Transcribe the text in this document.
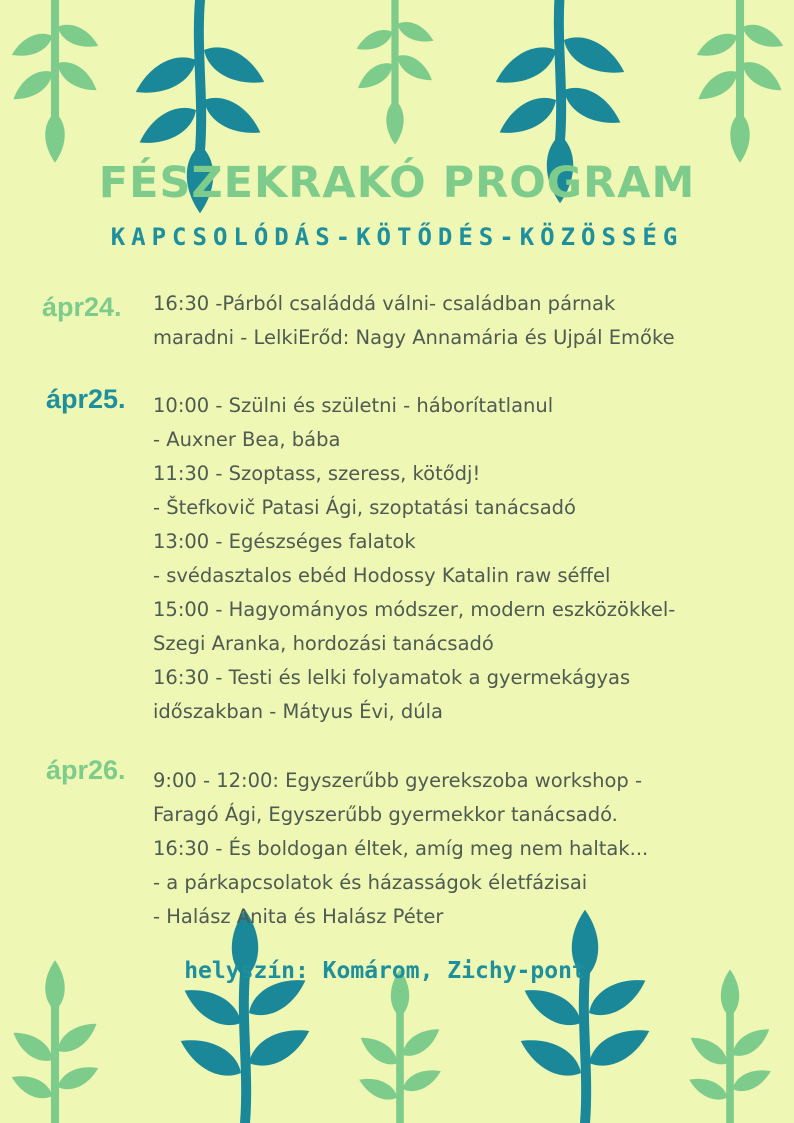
FÉSZEKRAKÓ PROGRAM
KAPCSOLÓDÁS-KÖTŐDÉS-KÖZÖSSÉG
ápr24. 16:30 -Párból családdá válni- családban párnak
maradni - LelkiErőd: Nagy Annamária és Ujpál Emőke
ápr25. 10:00 - Szülni és születni - háborítatlanul
- Auxner Bea, bába
11:30 - Szoptass, szeress, kötődj!
- Štefkovič Patasi Ági, szoptatási tanácsadó
13:00 - Egészséges falatok
- svédasztalos ebéd Hodossy Katalin raw séffel
15:00 - Hagyományos módszer, modern eszközökkel-
Szegi Aranka, hordozási tanácsadó
16:30 - Testi és lelki folyamatok a gyermekágyas
időszakban - Mátyus Évi, dúla
ápr26. 9:00 - 12:00: Egyszerűbb gyerekszoba workshop -
Faragó Ági, Egyszerűbb gyermekkor tanácsadó.
16:30 - És boldogan éltek, amíg meg nem haltak...
- a párkapcsolatok és házasságok életfázisai
- Halász Anita és Halász Péter
helyszín: Komárom, Zichy-pont
